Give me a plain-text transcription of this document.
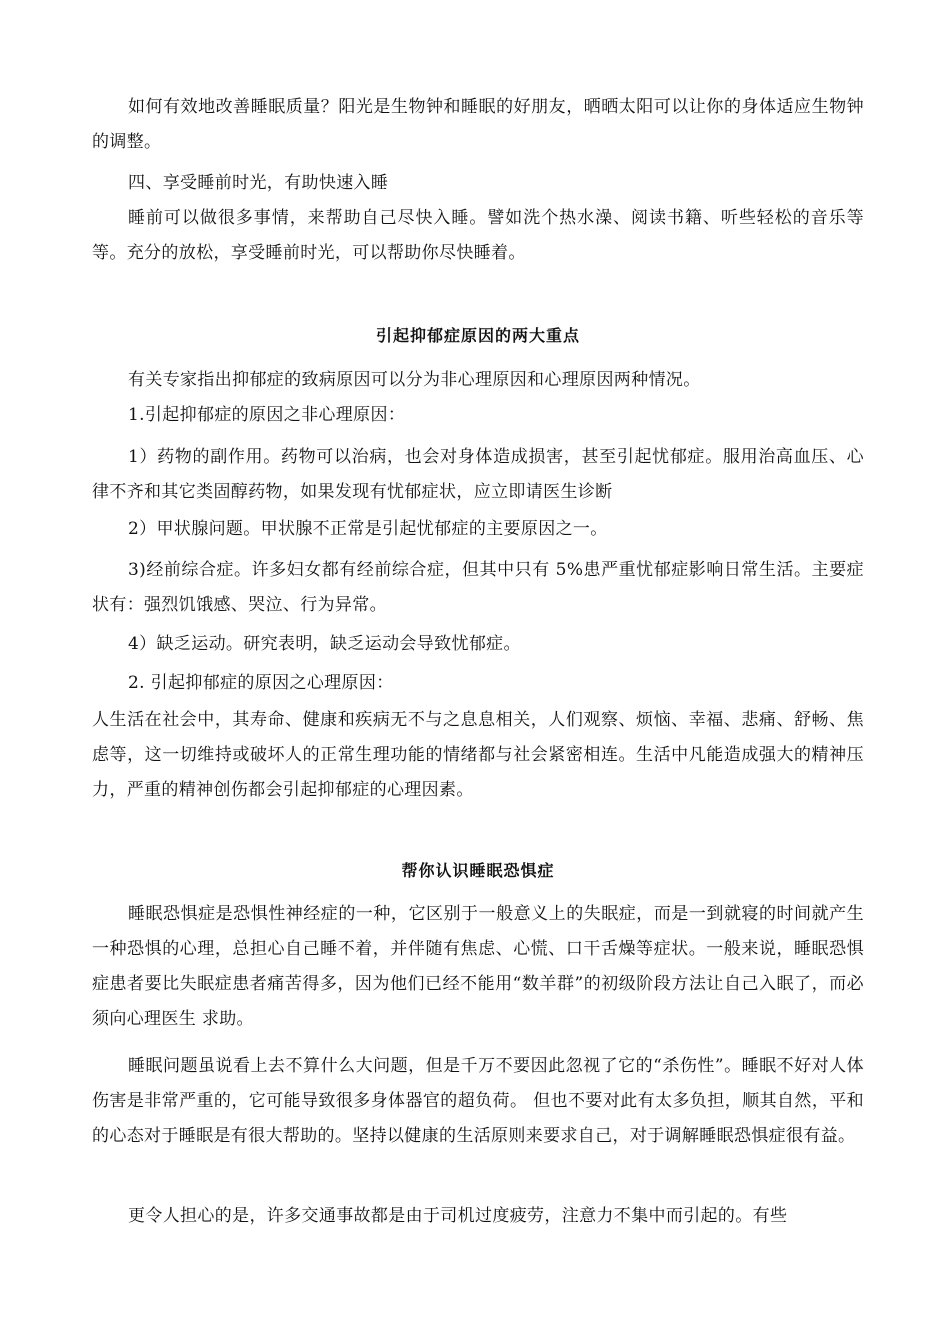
如何有效地改善睡眠质量？阳光是生物钟和睡眠的好朋友，晒晒太阳可以让你的身体适应生物钟的调整。

四、享受睡前时光，有助快速入睡

睡前可以做很多事情，来帮助自己尽快入睡。譬如洗个热水澡、阅读书籍、听些轻松的音乐等等。充分的放松，享受睡前时光，可以帮助你尽快睡着。

引起抑郁症原因的两大重点

有关专家指出抑郁症的致病原因可以分为非心理原因和心理原因两种情况。

1.引起抑郁症的原因之非心理原因：

1）药物的副作用。药物可以治病，也会对身体造成损害，甚至引起忧郁症。服用治高血压、心律不齐和其它类固醇药物，如果发现有忧郁症状，应立即请医生诊断

2）甲状腺问题。甲状腺不正常是引起忧郁症的主要原因之一。

3)经前综合症。许多妇女都有经前综合症，但其中只有 5%患严重忧郁症影响日常生活。主要症状有：强烈饥饿感、哭泣、行为异常。

4）缺乏运动。研究表明，缺乏运动会导致忧郁症。

2. 引起抑郁症的原因之心理原因：

人生活在社会中，其寿命、健康和疾病无不与之息息相关，人们观察、烦恼、幸福、悲痛、舒畅、焦虑等，这一切维持或破坏人的正常生理功能的情绪都与社会紧密相连。生活中凡能造成强大的精神压力，严重的精神创伤都会引起抑郁症的心理因素。

帮你认识睡眠恐惧症

睡眠恐惧症是恐惧性神经症的一种，它区别于一般意义上的失眠症，而是一到就寝的时间就产生一种恐惧的心理，总担心自己睡不着，并伴随有焦虑、心慌、口干舌燥等症状。一般来说，睡眠恐惧症患者要比失眠症患者痛苦得多，因为他们已经不能用“数羊群”的初级阶段方法让自己入眠了，而必须向心理医生 求助。

睡眠问题虽说看上去不算什么大问题，但是千万不要因此忽视了它的“杀伤性”。睡眠不好对人体伤害是非常严重的，它可能导致很多身体器官的超负荷。 但也不要对此有太多负担，顺其自然，平和的心态对于睡眠是有很大帮助的。坚持以健康的生活原则来要求自己，对于调解睡眠恐惧症很有益。

更令人担心的是，许多交通事故都是由于司机过度疲劳，注意力不集中而引起的。有些
